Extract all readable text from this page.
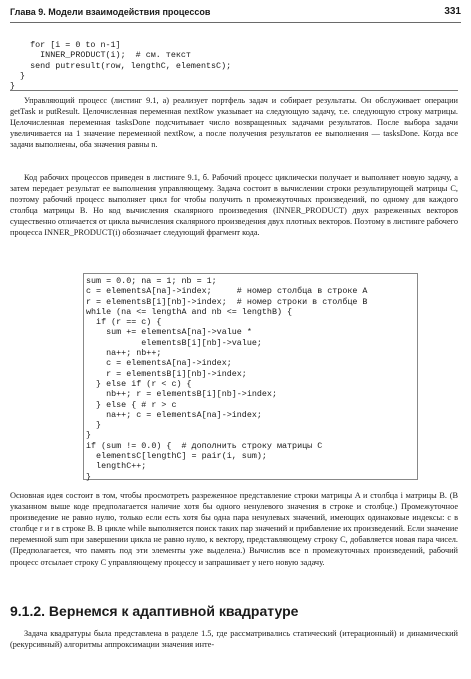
Глава 9. Модели взаимодействия процессов	331
for [i = 0 to n-1]
INNER_PRODUCT(i);  # см. текст
send putresult(row, lengthC, elementsC);
}
}

Управляющий процесс (листинг 9.1, а) реализует портфель задач и собирает результаты. Он обслуживает операции getTask и putResult. Целочисленная переменная nextRow указывает на следующую задачу, т.е. следующую строку матрицы. Целочисленная переменная tasksDone подсчитывает число возвращенных задачами результатов. После выбора задачи увеличивается на 1 значение переменной nextRow, а после получения результатов ее выполнения — tasksDone. Когда все задачи выполнены, оба значения равны n.

Код рабочих процессов приведен в листинге 9.1, б. Рабочий процесс циклически получает и выполняет новую задачу, а затем передает результат ее выполнения управляющему. Задача состоит в вычислении строки результирующей матрицы C, поэтому рабочий процесс выполняет цикл for чтобы получить n промежуточных произведений, по одному для каждого столбца матрицы B. Но код вычисления скалярного произведения (INNER_PRODUCT) двух разреженных векторов существенно отличается от цикла вычисления скалярного произведения двух плотных векторов. Поэтому в листинге рабочего процесса INNER_PRODUCT(i) обозначает следующий фрагмент кода.

sum = 0.0; na = 1; nb = 1;
c = elementsA[na]->index;     # номер столбца в строке A
r = elementsB[i][nb]->index;  # номер строки в столбце B
while (na <= lengthA and nb <= lengthB) {
if (r == c) {
sum += elementsA[na]->value *
elementsB[i][nb]->value;
na++; nb++;
c = elementsA[na]->index;
r = elementsB[i][nb]->index;
} else if (r < c) {
nb++; r = elementsB[i][nb]->index;
} else { # r > c
na++; c = elementsA[na]->index;
}
}
if (sum != 0.0) {  # дополнить строку матрицы C
elementsC[lengthC] = pair(i, sum);
lengthC++;
}

Основная идея состоит в том, чтобы просмотреть разреженное представление строки матрицы A и столбца i матрицы B. (В указанном выше коде предполагается наличие хотя бы одного ненулевого значения в строке и столбце.) Промежуточное произведение не равно нулю, только если есть хотя бы одна пара ненулевых значений, имеющих одинаковые индексы: c в столбце r и r в строке B. В цикле while выполняется поиск таких пар значений и прибавление их произведений. Если значение переменной sum при завершении цикла не равно нулю, к вектору, представляющему строку C, добавляется новая пара чисел. (Предполагается, что память под эти элементы уже выделена.) Вычислив все n промежуточных произведений, рабочий процесс отсылает строку C управляющему процессу и запрашивает у него новую задачу.

9.1.2. Вернемся к адаптивной квадратуре

Задача квадратуры была представлена в разделе 1.5, где рассматривались статический (итерационный) и динамический (рекурсивный) алгоритмы аппроксимации значения инте-
